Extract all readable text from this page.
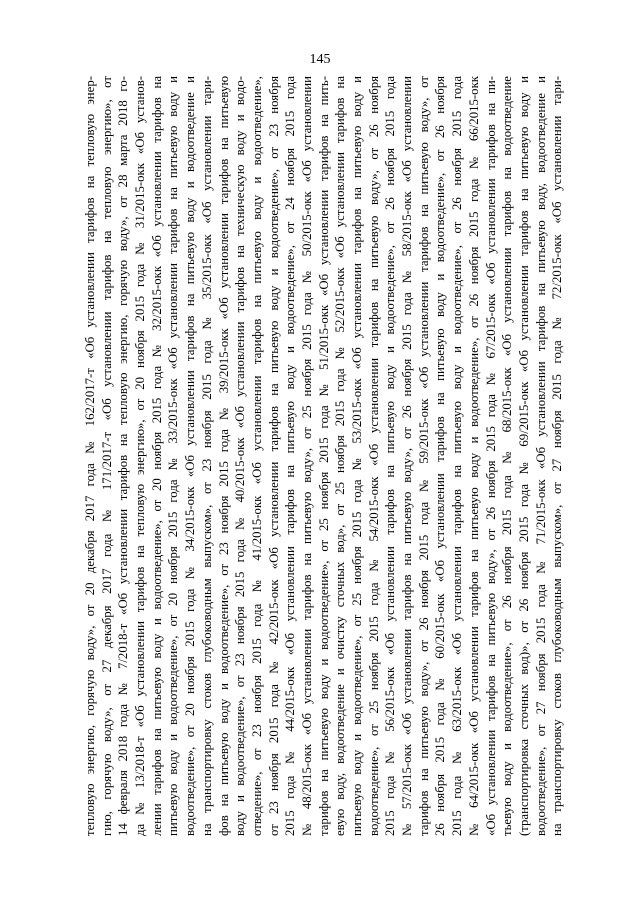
145
тепловую энергию, горячую воду», от 20 декабря 2017 года № 162/2017-т «Об установлении тарифов на тепловую энер- гию, горячую воду», от 27 декабря 2017 года № 171/2017-т «Об установлении тарифов на тепловую энергию», от 14 февраля 2018 года № 7/2018-т «Об установлении тарифов на тепловую энергию, горячую воду», от 28 марта 2018 го- да № 13/2018-т «Об установлении тарифов на тепловую энергию», от 20 ноября 2015 года № 31/2015-окк «Об установ- лении тарифов на питьевую воду и водоотведение», от 20 ноября 2015 года № 32/2015-окк «Об установлении тарифов на питьевую воду и водоотведение», от 20 ноября 2015 года № 33/2015-окк «Об установлении тарифов на питьевую воду и водоотведение», от 20 ноября 2015 года № 34/2015-окк «Об установлении тарифов на питьевую воду и водоотведение и на транспортировку стоков глубоководным выпуском», от 23 ноября 2015 года № 35/2015-окк «Об установлении тари- фов на питьевую воду и водоотведение», от 23 ноября 2015 года № 39/2015-окк «Об установлении тарифов на питьевую воду и водоотведение», от 23 ноября 2015 года № 40/2015-окк «Об установлении тарифов на техническую воду и водо- отведение», от 23 ноября 2015 года № 41/2015-окк «Об установлении тарифов на питьевую воду и водоотведение», от 23 ноября 2015 года № 42/2015-окк «Об установлении тарифов на питьевую воду и водоотведение», от 23 ноября 2015 года № 44/2015-окк «Об установлении тарифов на питьевую воду и водоотведение», от 24 ноября 2015 года № 48/2015-окк «Об установлении тарифов на питьевую воду», от 25 ноября 2015 года № 50/2015-окк «Об установлении тарифов на питьевую воду и водоотведение», от 25 ноября 2015 года № 51/2015-окк «Об установлении тарифов на пить- евую воду, водоотведение и очистку сточных вод», от 25 ноября 2015 года № 52/2015-окк «Об установлении тарифов на питьевую воду и водоотведение», от 25 ноября 2015 года № 53/2015-окк «Об установлении тарифов на питьевую воду и водоотведение», от 25 ноября 2015 года № 54/2015-окк «Об установлении тарифов на питьевую воду», от 26 ноября 2015 года № 56/2015-окк «Об установлении тарифов на питьевую воду и водоотведение», от 26 ноября 2015 года № 57/2015-окк «Об установлении тарифов на питьевую воду», от 26 ноября 2015 года № 58/2015-окк «Об установлении тарифов на питьевую воду», от 26 ноября 2015 года № 59/2015-окк «Об установлении тарифов на питьевую воду», от 26 ноября 2015 года № 60/2015-окк «Об установлении тарифов на питьевую воду и водоотведение», от 26 ноября 2015 года № 63/2015-окк «Об установлении тарифов на питьевую воду и водоотведение», от 26 ноября 2015 года № 64/2015-окк «Об установлении тарифов на питьевую воду и водоотведение», от 26 ноября 2015 года № 66/2015-окк «Об установлении тарифов на питьевую воду», от 26 ноября 2015 года № 67/2015-окк «Об установлении тарифов на пи- тьевую воду и водоотведение», от 26 ноября 2015 года № 68/2015-окк «Об установлении тарифов на водоотведение (транспортировка сточных вод)», от 26 ноября 2015 года № 69/2015-окк «Об установлении тарифов на питьевую воду и водоотведение», от 27 ноября 2015 года № 71/2015-окк «Об установлении тарифов на питьевую воду, водоотведение и на транспортировку стоков глубоководным выпуском», от 27 ноября 2015 года № 72/2015-окк «Об установлении тари-
